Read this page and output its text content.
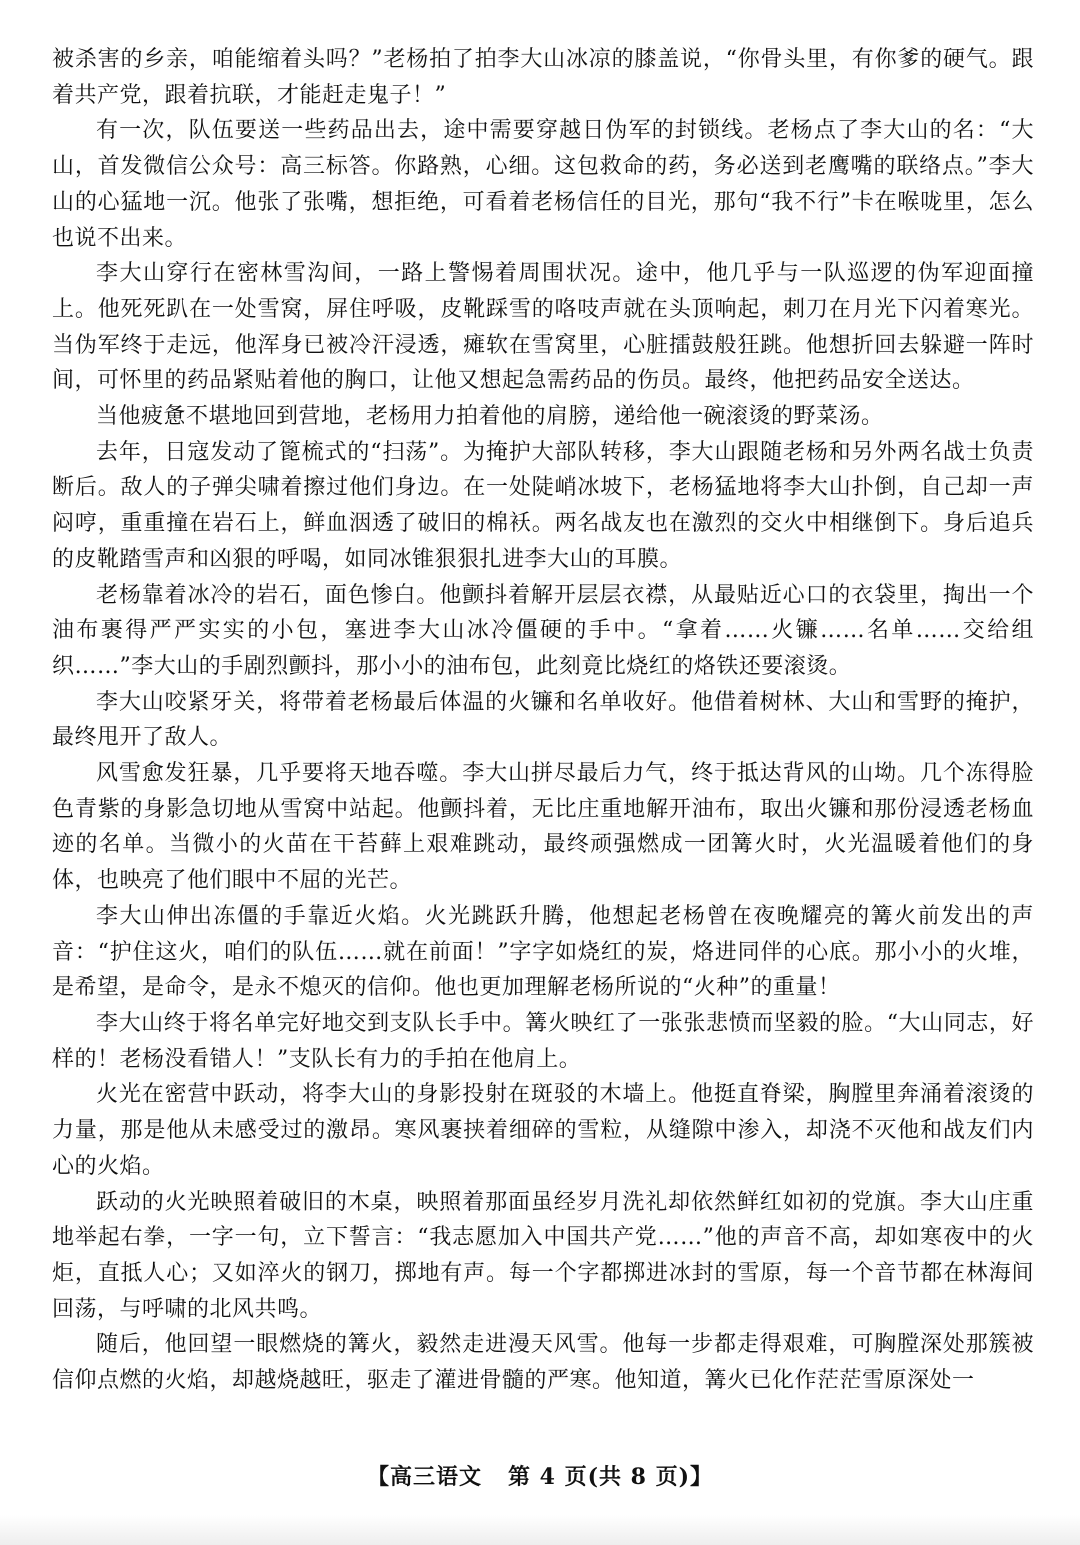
被杀害的乡亲，咱能缩着头吗？”老杨拍了拍李大山冰凉的膝盖说，“你骨头里，有你爹的硬气。跟着共产党，跟着抗联，才能赶走鬼子！”

有一次，队伍要送一些药品出去，途中需要穿越日伪军的封锁线。老杨点了李大山的名：“大山，首发微信公众号：高三标答。你路熟，心细。这包救命的药，务必送到老鹰嘴的联络点。”李大山的心猛地一沉。他张了张嘴，想拒绝，可看着老杨信任的目光，那句“我不行”卡在喉咙里，怎么也说不出来。

李大山穿行在密林雪沟间，一路上警惕着周围状况。途中，他几乎与一队巡逻的伪军迎面撞上。他死死趴在一处雪窝，屏住呼吸，皮靴踩雪的咯吱声就在头顶响起，刺刀在月光下闪着寒光。当伪军终于走远，他浑身已被冷汗浸透，瘫软在雪窝里，心脏擂鼓般狂跳。他想折回去躲避一阵时间，可怀里的药品紧贴着他的胸口，让他又想起急需药品的伤员。最终，他把药品安全送达。

当他疲惫不堪地回到营地，老杨用力拍着他的肩膀，递给他一碗滚烫的野菜汤。

去年，日寇发动了篦梳式的“扫荡”。为掩护大部队转移，李大山跟随老杨和另外两名战士负责断后。敌人的子弹尖啸着擦过他们身边。在一处陡峭冰坡下，老杨猛地将李大山扑倒，自己却一声闷哼，重重撞在岩石上，鲜血洇透了破旧的棉袄。两名战友也在激烈的交火中相继倒下。身后追兵的皮靴踏雪声和凶狠的呼喝，如同冰锥狠狠扎进李大山的耳膜。

老杨靠着冰冷的岩石，面色惨白。他颤抖着解开层层衣襟，从最贴近心口的衣袋里，掏出一个油布裹得严严实实的小包，塞进李大山冰冷僵硬的手中。“拿着……火镰……名单……交给组织……”李大山的手剧烈颤抖，那小小的油布包，此刻竟比烧红的烙铁还要滚烫。

李大山咬紧牙关，将带着老杨最后体温的火镰和名单收好。他借着树林、大山和雪野的掩护，最终甩开了敌人。

风雪愈发狂暴，几乎要将天地吞噬。李大山拼尽最后力气，终于抵达背风的山坳。几个冻得脸色青紫的身影急切地从雪窝中站起。他颤抖着，无比庄重地解开油布，取出火镰和那份浸透老杨血迹的名单。当微小的火苗在干苔藓上艰难跳动，最终顽强燃成一团篝火时，火光温暖着他们的身体，也映亮了他们眼中不屈的光芒。

李大山伸出冻僵的手靠近火焰。火光跳跃升腾，他想起老杨曾在夜晚耀亮的篝火前发出的声音：“护住这火，咱们的队伍……就在前面！”字字如烧红的炭，烙进同伴的心底。那小小的火堆，是希望，是命令，是永不熄灭的信仰。他也更加理解老杨所说的“火种”的重量！

李大山终于将名单完好地交到支队长手中。篝火映红了一张张悲愤而坚毅的脸。“大山同志，好样的！老杨没看错人！”支队长有力的手拍在他肩上。

火光在密营中跃动，将李大山的身影投射在斑驳的木墙上。他挺直脊梁，胸膛里奔涌着滚烫的力量，那是他从未感受过的激昂。寒风裹挟着细碎的雪粒，从缝隙中渗入，却浇不灭他和战友们内心的火焰。

跃动的火光映照着破旧的木桌，映照着那面虽经岁月洗礼却依然鲜红如初的党旗。李大山庄重地举起右拳，一字一句，立下誓言：“我志愿加入中国共产党……”他的声音不高，却如寒夜中的火炬，直抵人心；又如淬火的钢刀，掷地有声。每一个字都掷进冰封的雪原，每一个音节都在林海间回荡，与呼啸的北风共鸣。

随后，他回望一眼燃烧的篝火，毅然走进漫天风雪。他每一步都走得艰难，可胸膛深处那簇被信仰点燃的火焰，却越烧越旺，驱走了灌进骨髓的严寒。他知道，篝火已化作茫茫雪原深处一

【高三语文 第 4 页(共 8 页)】
